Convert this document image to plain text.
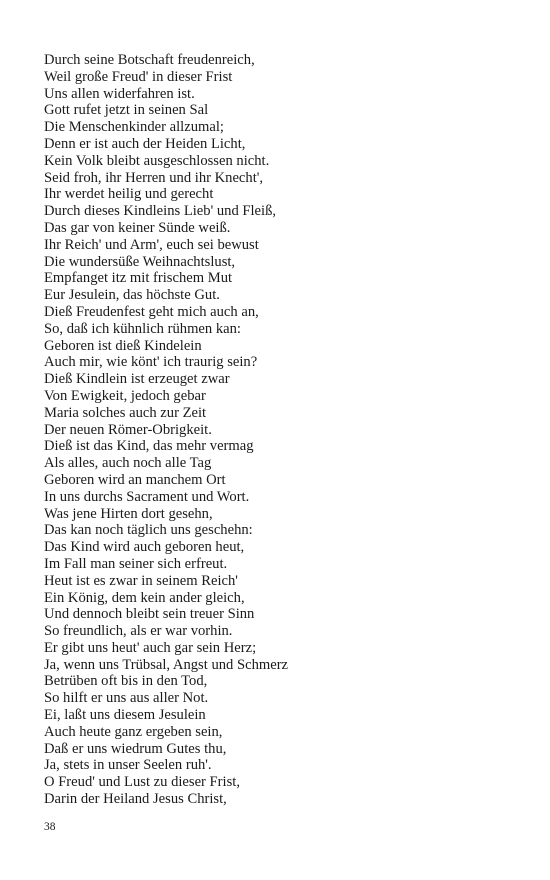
Durch seine Botschaft freudenreich,
Weil große Freud' in dieser Frist
Uns allen widerfahren ist.
Gott rufet jetzt in seinen Sal
Die Menschenkinder allzumal;
Denn er ist auch der Heiden Licht,
Kein Volk bleibt ausgeschlossen nicht.
Seid froh, ihr Herren und ihr Knecht',
Ihr werdet heilig und gerecht
Durch dieses Kindleins Lieb' und Fleiß,
Das gar von keiner Sünde weiß.
Ihr Reich' und Arm', euch sei bewust
Die wundersüße Weihnachtslust,
Empfanget itz mit frischem Mut
Eur Jesulein, das höchste Gut.
Dieß Freudenfest geht mich auch an,
So, daß ich kühnlich rühmen kan:
Geboren ist dieß Kindelein
Auch mir, wie könt' ich traurig sein?
Dieß Kindlein ist erzeuget zwar
Von Ewigkeit, jedoch gebar
Maria solches auch zur Zeit
Der neuen Römer-Obrigkeit.
Dieß ist das Kind, das mehr vermag
Als alles, auch noch alle Tag
Geboren wird an manchem Ort
In uns durchs Sacrament und Wort.
Was jene Hirten dort gesehn,
Das kan noch täglich uns geschehn:
Das Kind wird auch geboren heut,
Im Fall man seiner sich erfreut.
Heut ist es zwar in seinem Reich'
Ein König, dem kein ander gleich,
Und dennoch bleibt sein treuer Sinn
So freundlich, als er war vorhin.
Er gibt uns heut' auch gar sein Herz;
Ja, wenn uns Trübsal, Angst und Schmerz
Betrüben oft bis in den Tod,
So hilft er uns aus aller Not.
Ei, laßt uns diesem Jesulein
Auch heute ganz ergeben sein,
Daß er uns wiedrum Gutes thu,
Ja, stets in unser Seelen ruh'.
O Freud' und Lust zu dieser Frist,
Darin der Heiland Jesus Christ,
38
